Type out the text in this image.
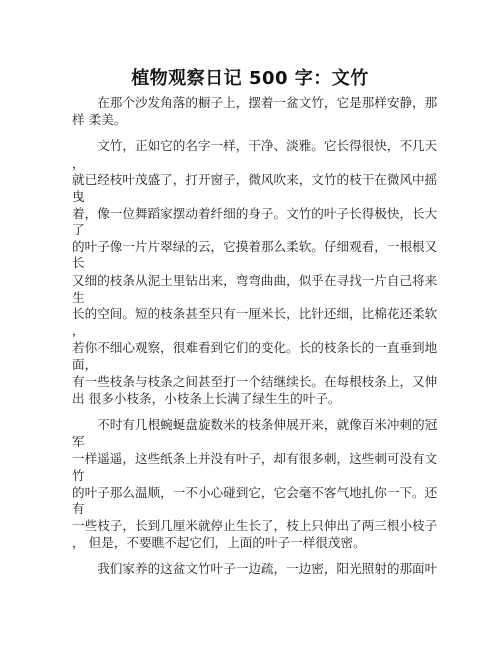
植物观察日记 500 字：文竹
　　在那个沙发角落的橱子上，摆着一盆文竹，它是那样安静，那
样 柔美。
　　文竹，正如它的名字一样，干净、淡雅。它长得很快，不几天
，
就已经枝叶茂盛了，打开窗子，微风吹来，文竹的枝干在微风中摇
曳
着，像一位舞蹈家摆动着纤细的身子。文竹的叶子长得极快，长大
了
的叶子像一片片翠绿的云，它摸着那么柔软。仔细观看，一根根又
长
又细的枝条从泥土里钻出来，弯弯曲曲，似乎在寻找一片自己将来
生
长的空间。短的枝条甚至只有一厘米长，比针还细，比棉花还柔软
，
若你不细心观察，很难看到它们的变化。长的枝条长的一直垂到地
面，
有一些枝条与枝条之间甚至打一个结继续长。在每根枝条上，又伸
出 很多小枝条，小枝条上长满了绿生生的叶子。
　　不时有几根蜿蜒盘旋数米的枝条伸展开来，就像百米冲刺的冠
军
一样遥遥，这些纸条上并没有叶子，却有很多刺，这些刺可没有文
竹
的叶子那么温顺，一不小心碰到它，它会毫不客气地扎你一下。还
有
一些枝子，长到几厘米就停止生长了，枝上只伸出了两三根小枝子
， 但是，不要瞧不起它们，上面的叶子一样很茂密。
　　我们家养的这盆文竹叶子一边疏，一边密，阳光照射的那面叶
